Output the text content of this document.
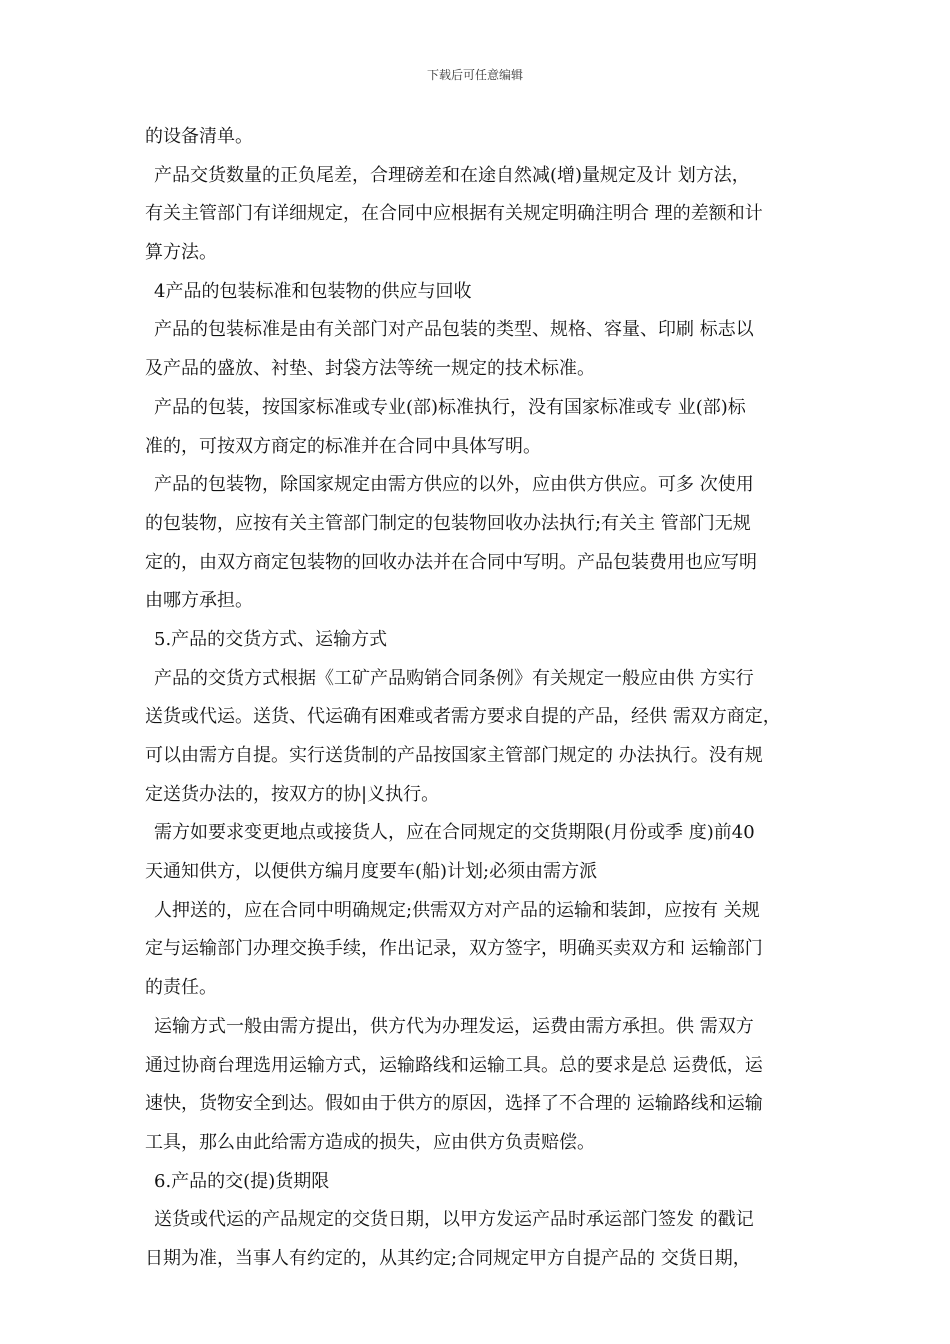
下载后可任意编辑
的设备清单。
产品交货数量的正负尾差，合理磅差和在途自然减(增)量规定及计 划方法，
有关主管部门有详细规定，在合同中应根据有关规定明确注明合 理的差额和计
算方法。
4产品的包装标准和包装物的供应与回收
产品的包装标准是由有关部门对产品包装的类型、规格、容量、印刷 标志以
及产品的盛放、衬垫、封袋方法等统一规定的技术标准。
产品的包装，按国家标准或专业(部)标准执行，没有国家标准或专 业(部)标
准的，可按双方商定的标准并在合同中具体写明。
产品的包装物，除国家规定由需方供应的以外，应由供方供应。可多 次使用
的包装物，应按有关主管部门制定的包装物回收办法执行;有关主 管部门无规
定的，由双方商定包装物的回收办法并在合同中写明。产品包装费用也应写明
由哪方承担。
5.产品的交货方式、运输方式
产品的交货方式根据《工矿产品购销合同条例》有关规定一般应由供 方实行
送货或代运。送货、代运确有困难或者需方要求自提的产品，经供 需双方商定，
可以由需方自提。实行送货制的产品按国家主管部门规定的 办法执行。没有规
定送货办法的，按双方的协|义执行。
需方如要求变更地点或接货人，应在合同规定的交货期限(月份或季 度)前40
天通知供方，以便供方编月度要车(船)计划;必须由需方派
人押送的，应在合同中明确规定;供需双方对产品的运输和装卸，应按有 关规
定与运输部门办理交换手续，作出记录，双方签字，明确买卖双方和 运输部门
的责任。
运输方式一般由需方提出，供方代为办理发运，运费由需方承担。供 需双方
通过协商台理选用运输方式，运输路线和运输工具。总的要求是总 运费低，运
速快，货物安全到达。假如由于供方的原因，选择了不合理的 运输路线和运输
工具，那么由此给需方造成的损失，应由供方负责赔偿。
6.产品的交(提)货期限
送货或代运的产品规定的交货日期，以甲方发运产品时承运部门签发 的戳记
日期为准，当事人有约定的，从其约定;合同规定甲方自提产品的 交货日期，
